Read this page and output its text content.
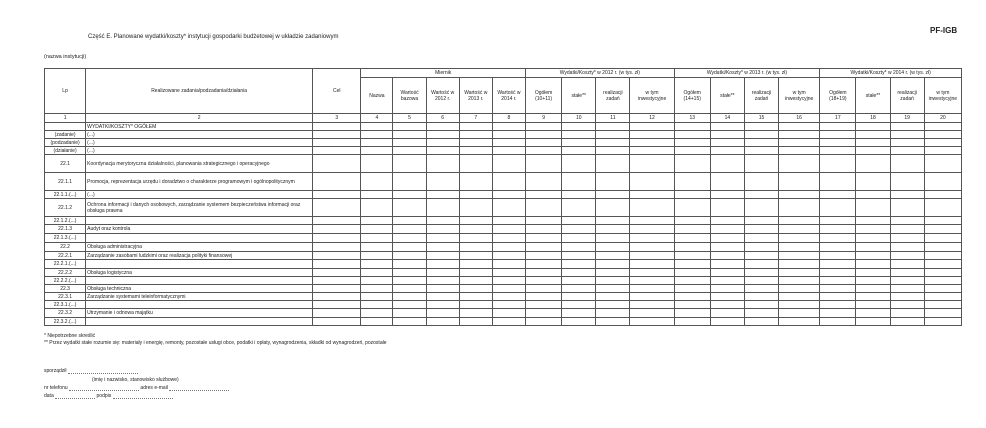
PF-IGB
Część E. Planowane wydatki/koszty* instytucji gospodarki budżetowej w układzie zadaniowym
(nazwa instytucji)
Lp	Realizowane zadania/podzadania/działania	Cel	Miernik					Wydatki/Koszty* w 2012 r. (w tys. zł)				Wydatki/Koszty* w 2013 r. (w tys. zł)				Wydatki/Koszty* w 2014 r. (w tys. zł)			
			Nazwa	Wartość bazowa	Wartość w 2012 r.	Wartość w 2013 r.	Wartość w 2014 r.	Ogółem (10+11)	stałe**	realizacji zadań	w tym inwestycyjne	Ogółem (14+15)	stałe**	realizacji zadań	w tym inwestycyjne	Ogółem (18+19)	stałe**	realizacji zadań	w tym inwestycyjne
1	2	3	4	5	6	7	8	9	10	11	12	13	14	15	16	17	18	19	20
	WYDATKI/KOSZTY* OGÓŁEM																		
(zadanie)	(...)																		
(podzadanie)	(...)																		
(działanie)	(...)																		
22.1	Koordynacja merytoryczna działalności, planowania strategicznego i operacyjnego																		
22.1.1	Promocja, reprezentacja urzędu i doradztwo o charakterze programowym i ogólnopolitycznym																		
22.1.1.(...)	(...)																		
22.1.2	Ochrona informacji i danych osobowych, zarządzanie systemem bezpieczeństwa informacji oraz obsługa prawna																		
22.1.2.(...)																			
22.1.3	Audyt oraz kontrola																		
22.1.3.(...)																			
22.2	Obsługa administracyjna																		
22.2.1	Zarządzanie zasobami ludzkimi oraz realizacja polityki finansowej																		
22.2.1.(...)																			
22.2.2	Obsługa logistyczna																		
22.2.2.(...)																			
22.3	Obsługa techniczna																		
22.3.1	Zarządzanie systemami teleinformatycznymi																		
22.3.1.(...)																			
22.3.2	Utrzymanie i odnowa majątku																		
22.3.2.(...)																			
* Niepotrzebne skreślić
** Przez wydatki stałe rozumie się: materiały i energię, remonty, pozostałe usługi obce, podatki i opłaty, wynagrodzenia, składki od wynagrodzeń, pozostałe
sporządził
(imię i nazwisko, stanowisko służbowe)
nr telefonu	adres e-mail
data	podpis
